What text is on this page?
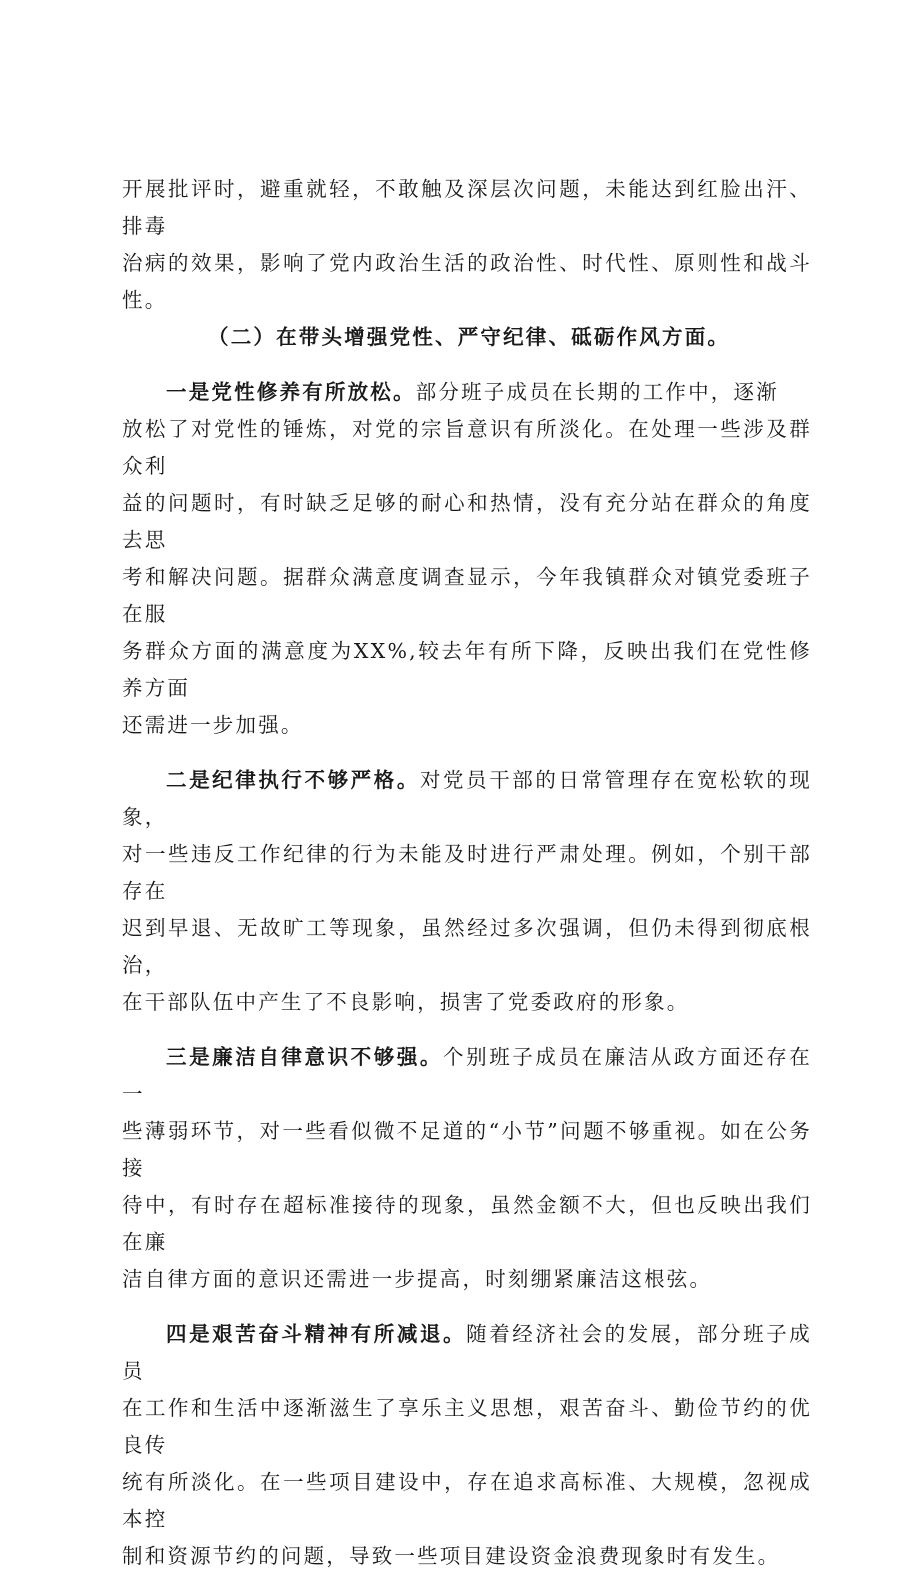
开展批评时，避重就轻，不敢触及深层次问题，未能达到红脸出汗、排毒
治病的效果，影响了党内政治生活的政治性、时代性、原则性和战斗性。

（二）在带头增强党性、严守纪律、砥砺作风方面。

一是党性修养有所放松。部分班子成员在长期的工作中，逐渐
放松了对党性的锤炼，对党的宗旨意识有所淡化。在处理一些涉及群众利
益的问题时，有时缺乏足够的耐心和热情，没有充分站在群众的角度去思
考和解决问题。据群众满意度调查显示，今年我镇群众对镇党委班子在服
务群众方面的满意度为XX%,较去年有所下降，反映出我们在党性修养方面
还需进一步加强。

二是纪律执行不够严格。对党员干部的日常管理存在宽松软的现象，
对一些违反工作纪律的行为未能及时进行严肃处理。例如，个别干部存在
迟到早退、无故旷工等现象，虽然经过多次强调，但仍未得到彻底根治，
在干部队伍中产生了不良影响，损害了党委政府的形象。

三是廉洁自律意识不够强。个别班子成员在廉洁从政方面还存在一
些薄弱环节，对一些看似微不足道的“小节”问题不够重视。如在公务接
待中，有时存在超标准接待的现象，虽然金额不大，但也反映出我们在廉
洁自律方面的意识还需进一步提高，时刻绷紧廉洁这根弦。

四是艰苦奋斗精神有所减退。随着经济社会的发展，部分班子成员
在工作和生活中逐渐滋生了享乐主义思想，艰苦奋斗、勤俭节约的优良传
统有所淡化。在一些项目建设中，存在追求高标准、大规模，忽视成本控
制和资源节约的问题，导致一些项目建设资金浪费现象时有发生。
